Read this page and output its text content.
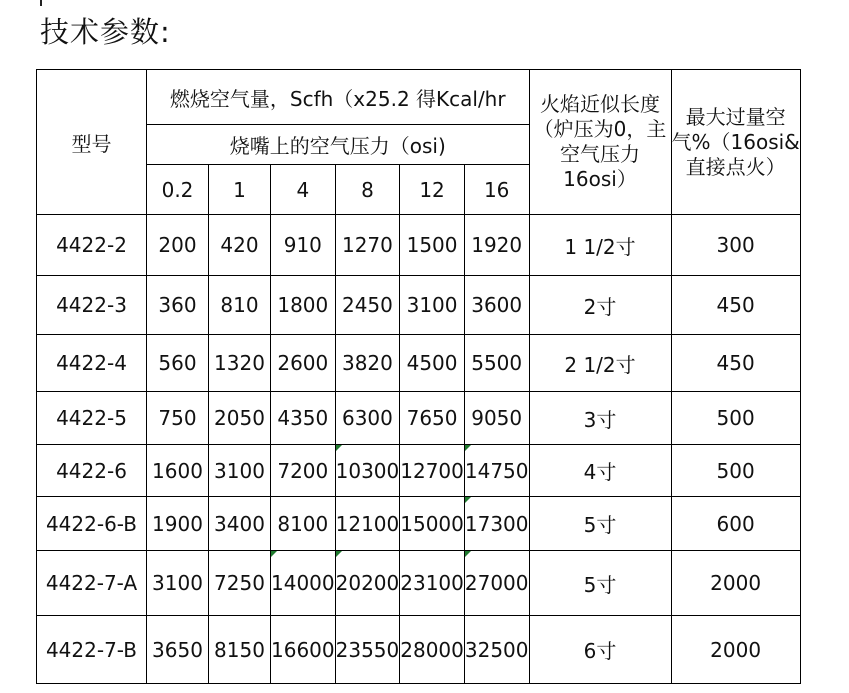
技术参数:
型号	燃烧空气量，Scfh（x25.2 得Kcal/hr						火焰近似长度（炉压为0，主空气压力16osi）	最大过量空气%（16osi&直接点火）
	烧嘴上的空气压力（osi)							
	0.2	1	4	8	12	16		
4422-2	200	420	910	1270	1500	1920	1 1/2寸	300
4422-3	360	810	1800	2450	3100	3600	2寸	450
4422-4	560	1320	2600	3820	4500	5500	2 1/2寸	450
4422-5	750	2050	4350	6300	7650	9050	3寸	500
4422-6	1600	3100	7200	10300	12700	14750	4寸	500
4422-6-B	1900	3400	8100	12100	15000	17300	5寸	600
4422-7-A	3100	7250	14000	20200	23100	27000	5寸	2000
4422-7-B	3650	8150	16600	23550	28000	32500	6寸	2000
